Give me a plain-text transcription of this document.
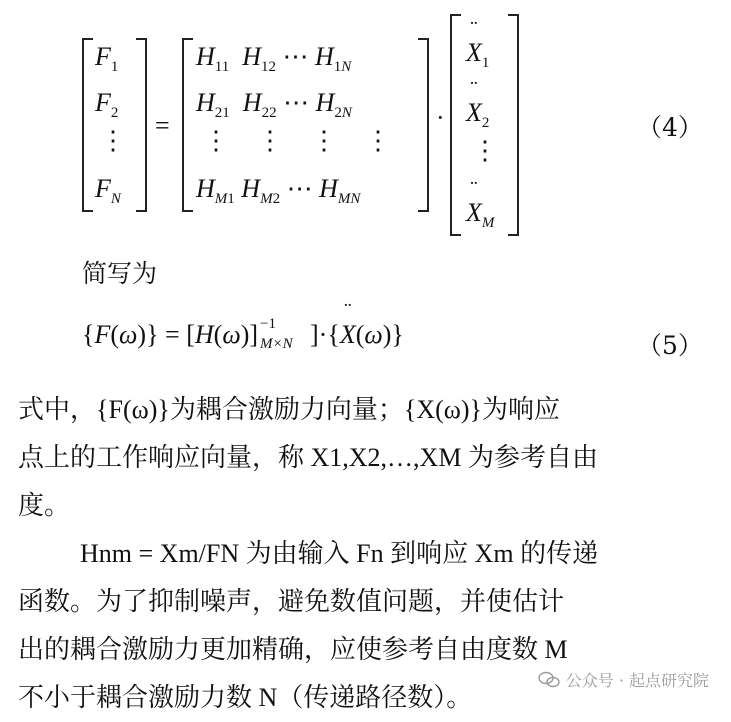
$F_1$
$F_2$
⋮
$F_N$
=
$H_{11}$  $H_{12}$ ⋯ $H_{1N}$
$H_{21}$  $H_{22}$ ⋯ $H_{2N}$
⋮⋮⋮⋮
$H_{M1}$ $H_{M2}$ ⋯ $H_{MN}$
·
¨ $X_1$
¨ $X_2$
⋮
¨ $X_M$
（4）
简写为
{F(ω)} = [H(ω)] −1
M×N ]·{¨ X(ω)}	（5）
式中，{F(ω)}为耦合激励力向量；{X(ω)}为响应
点上的工作响应向量，称 X1,X2,…,XM 为参考自由
度。
Hnm = Xm/FN 为由输入 Fn 到响应 Xm 的传递
函数。为了抑制噪声，避免数值问题，并使估计
出的耦合激励力更加精确，应使参考自由度数 M
不小于耦合激励力数 N（传递路径数）。
公众号 · 起点研究院
